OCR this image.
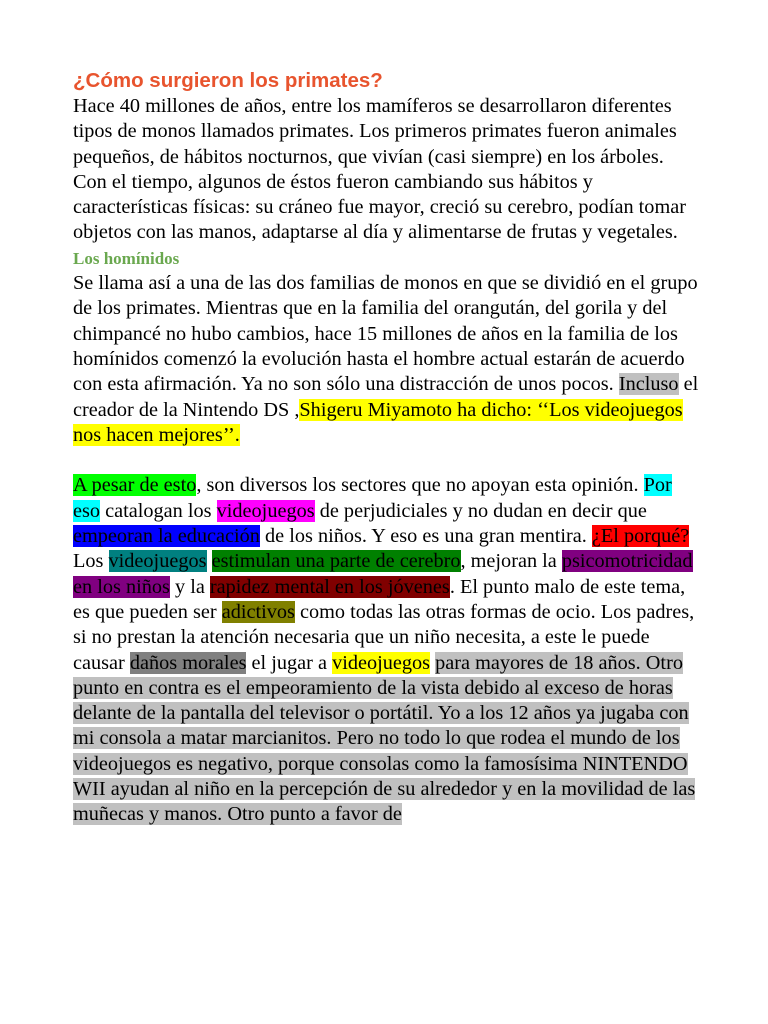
¿Cómo surgieron los primates?

Hace 40 millones de años, entre los mamíferos se desarrollaron diferentes tipos de monos llamados primates. Los primeros primates fueron animales pequeños, de hábitos nocturnos, que vivían (casi siempre) en los árboles.

Con el tiempo, algunos de éstos fueron cambiando sus hábitos y características físicas: su cráneo fue mayor, creció su cerebro, podían tomar objetos con las manos, adaptarse al día y alimentarse de frutas y vegetales.

Los homínidos

Se llama así a una de las dos familias de monos en que se dividió en el grupo de los primates. Mientras que en la familia del orangután, del gorila y del chimpancé no hubo cambios, hace 15 millones de años en la familia de los homínidos comenzó la evolución hasta el hombre actual estarán de acuerdo con esta afirmación. Ya no son sólo una distracción de unos pocos. Incluso el creador de la Nintendo DS ,Shigeru Miyamoto ha dicho: ‘‘Los videojuegos nos hacen mejores’’.

A pesar de esto, son diversos los sectores que no apoyan esta opinión. Por eso catalogan los videojuegos de perjudiciales y no dudan en decir que empeoran la educación de los niños. Y eso es una gran mentira. ¿El porqué? Los videojuegos estimulan una parte de cerebro, mejoran la psicomotricidad en los niños y la rapidez mental en los jóvenes. El punto malo de este tema, es que pueden ser adictivos como todas las otras formas de ocio. Los padres, si no prestan la atención necesaria que un niño necesita, a este le puede causar daños morales el jugar a videojuegos para mayores de 18 años. Otro punto en contra es el empeoramiento de la vista debido al exceso de horas delante de la pantalla del televisor o portátil. Yo a los 12 años ya jugaba con mi consola a matar marcianitos. Pero no todo lo que rodea el mundo de los videojuegos es negativo, porque consolas como la famosísima NINTENDO WII ayudan al niño en la percepción de su alrededor y en la movilidad de las muñecas y manos. Otro punto a favor de
